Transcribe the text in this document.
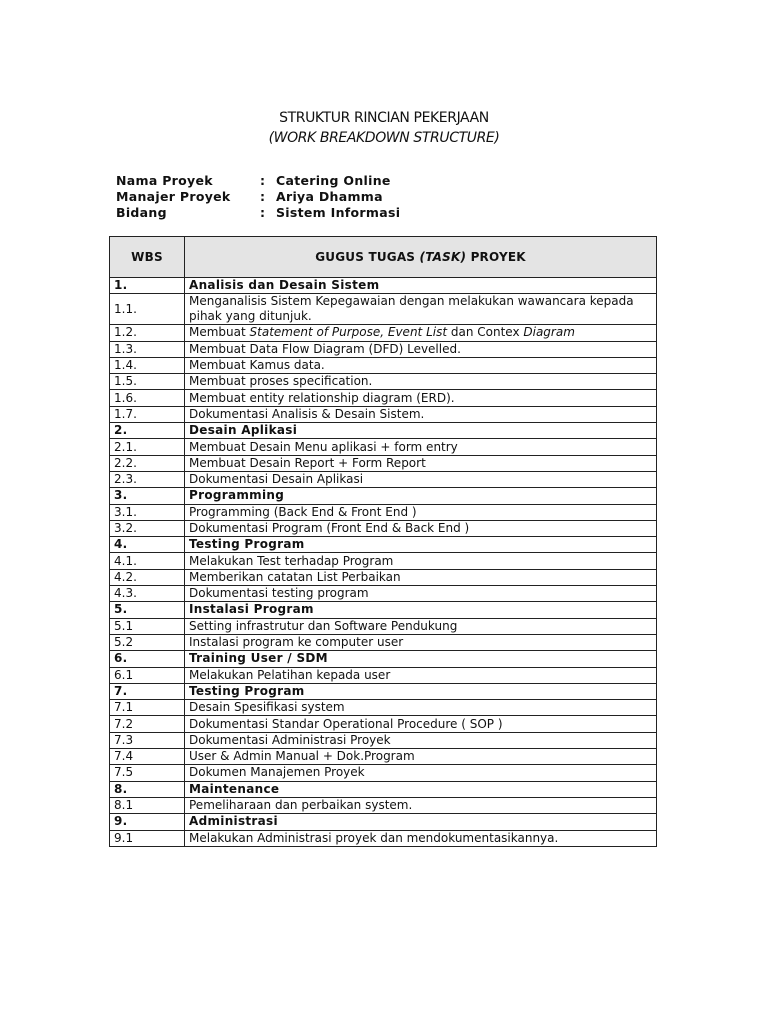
STRUKTUR RINCIAN PEKERJAAN
(WORK BREAKDOWN STRUCTURE)
Nama Proyek	: Catering Online
Manajer Proyek	: Ariya Dhamma
Bidang	: Sistem Informasi
WBS	GUGUS TUGAS (TASK) PROYEK
1.	Analisis dan Desain Sistem
1.1.	Menganalisis Sistem Kepegawaian dengan melakukan wawancara kepada pihak yang ditunjuk.
1.2.	Membuat Statement of Purpose, Event List dan Contex Diagram
1.3.	Membuat Data Flow Diagram (DFD) Levelled.
1.4.	Membuat Kamus data.
1.5.	Membuat proses specification.
1.6.	Membuat entity relationship diagram (ERD).
1.7.	Dokumentasi Analisis & Desain Sistem.
2.	Desain Aplikasi
2.1.	Membuat Desain Menu aplikasi + form entry
2.2.	Membuat Desain Report + Form Report
2.3.	Dokumentasi Desain Aplikasi
3.	Programming
3.1.	Programming (Back End & Front End )
3.2.	Dokumentasi Program (Front End & Back End )
4.	Testing Program
4.1.	Melakukan Test terhadap Program
4.2.	Memberikan catatan List Perbaikan
4.3.	Dokumentasi testing program
5.	Instalasi Program
5.1	Setting infrastrutur dan Software Pendukung
5.2	Instalasi program ke computer user
6.	Training User / SDM
6.1	Melakukan Pelatihan kepada user
7.	Testing Program
7.1	Desain Spesifikasi system
7.2	Dokumentasi Standar Operational Procedure ( SOP )
7.3	Dokumentasi Administrasi Proyek
7.4	User & Admin Manual + Dok.Program
7.5	Dokumen Manajemen Proyek
8.	Maintenance
8.1	Pemeliharaan dan perbaikan system.
9.	Administrasi
9.1	Melakukan Administrasi proyek dan mendokumentasikannya.
